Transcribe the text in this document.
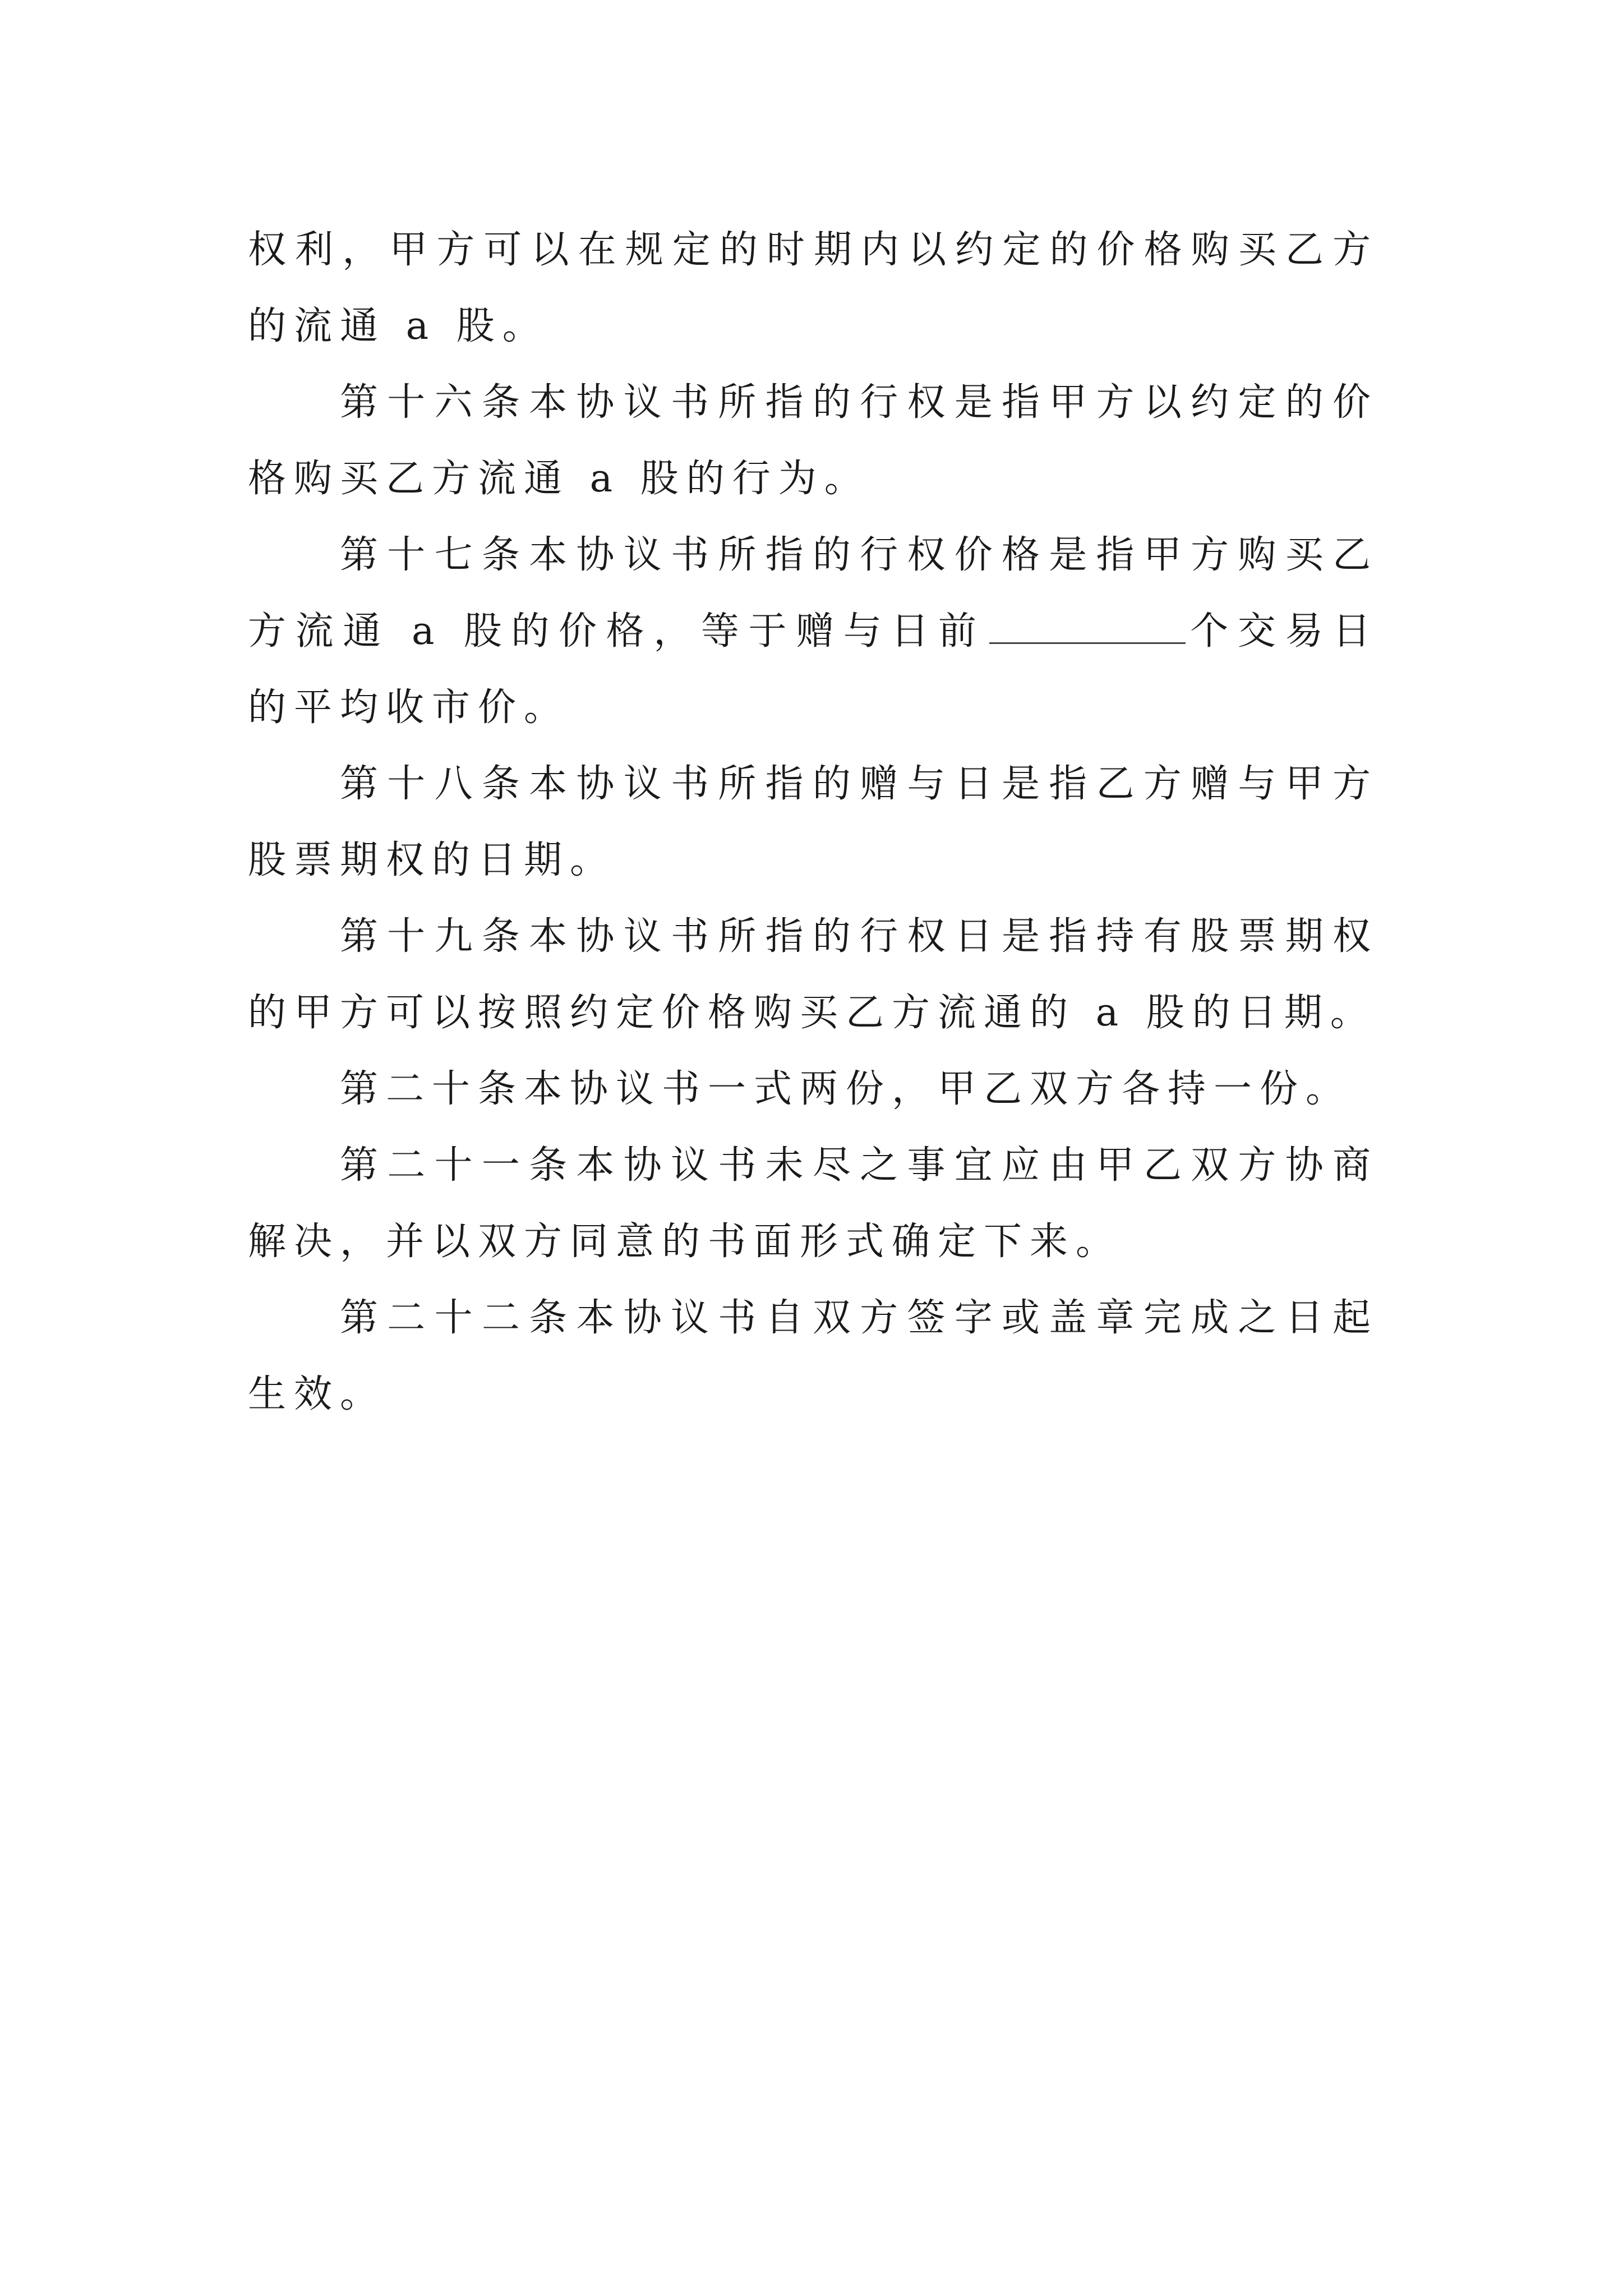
权利，甲方可以在规定的时期内以约定的价格购买乙方的流通 a 股。

第十六条本协议书所指的行权是指甲方以约定的价格购买乙方流通 a 股的行为。

第十七条本协议书所指的行权价格是指甲方购买乙方流通 a 股的价格，等于赠与日前	个交易日的平均收市价。

第十八条本协议书所指的赠与日是指乙方赠与甲方股票期权的日期。

第十九条本协议书所指的行权日是指持有股票期权的甲方可以按照约定价格购买乙方流通的 a 股的日期。

第二十条本协议书一式两份，甲乙双方各持一份。

第二十一条本协议书未尽之事宜应由甲乙双方协商解决，并以双方同意的书面形式确定下来。

第二十二条本协议书自双方签字或盖章完成之日起生效。
